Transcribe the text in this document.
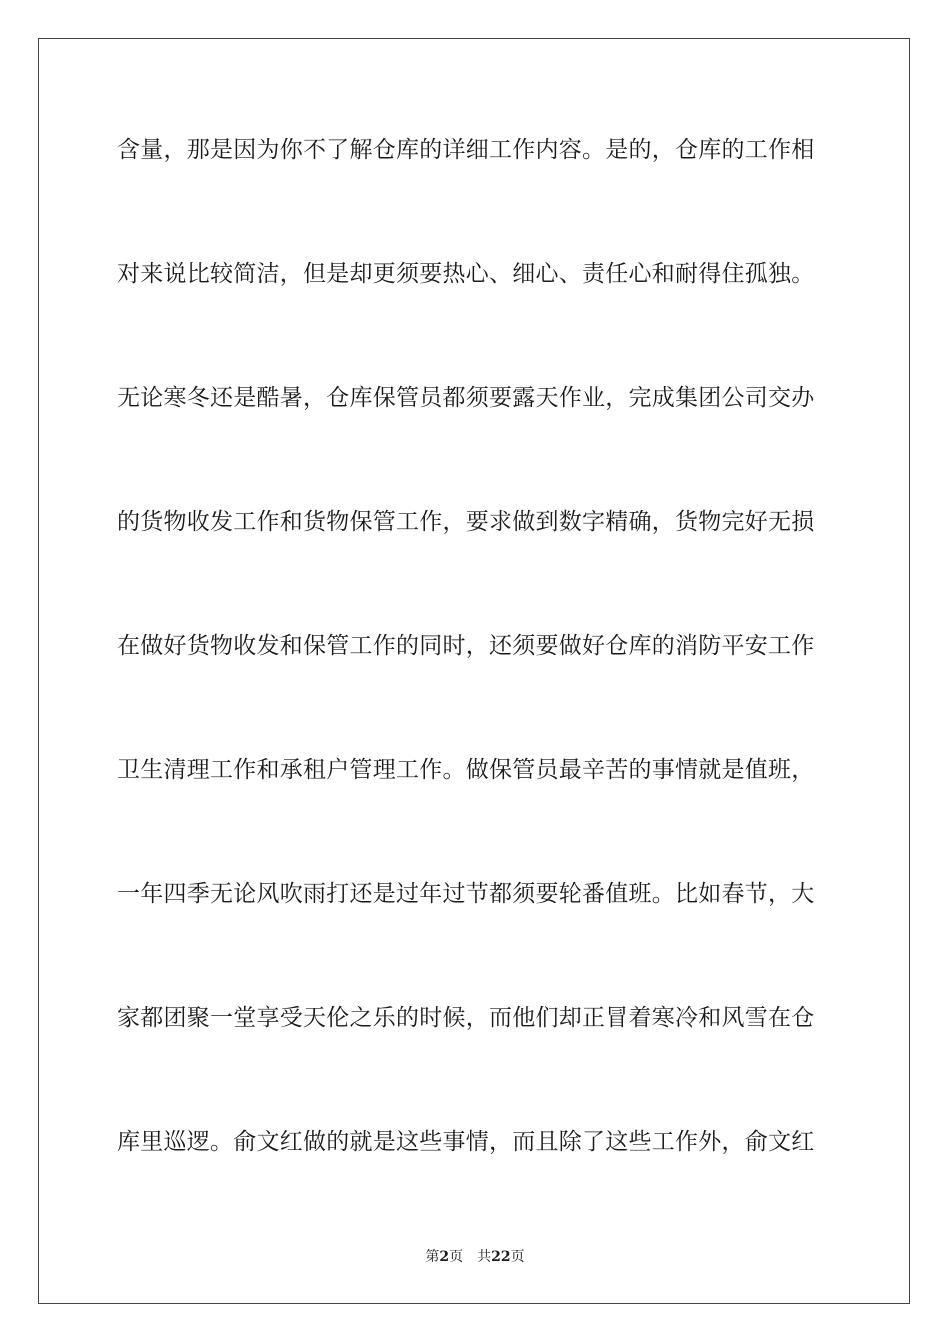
含量，那是因为你不了解仓库的详细工作内容。是的，仓库的工作相
对来说比较简洁，但是却更须要热心、细心、责任心和耐得住孤独。
无论寒冬还是酷暑，仓库保管员都须要露天作业，完成集团公司交办
的货物收发工作和货物保管工作，要求做到数字精确，货物完好无损
在做好货物收发和保管工作的同时，还须要做好仓库的消防平安工作
卫生清理工作和承租户管理工作。做保管员最辛苦的事情就是值班，
一年四季无论风吹雨打还是过年过节都须要轮番值班。比如春节，大
家都团聚一堂享受天伦之乐的时候，而他们却正冒着寒冷和风雪在仓
库里巡逻。俞文红做的就是这些事情，而且除了这些工作外，俞文红
第2页 共22页
